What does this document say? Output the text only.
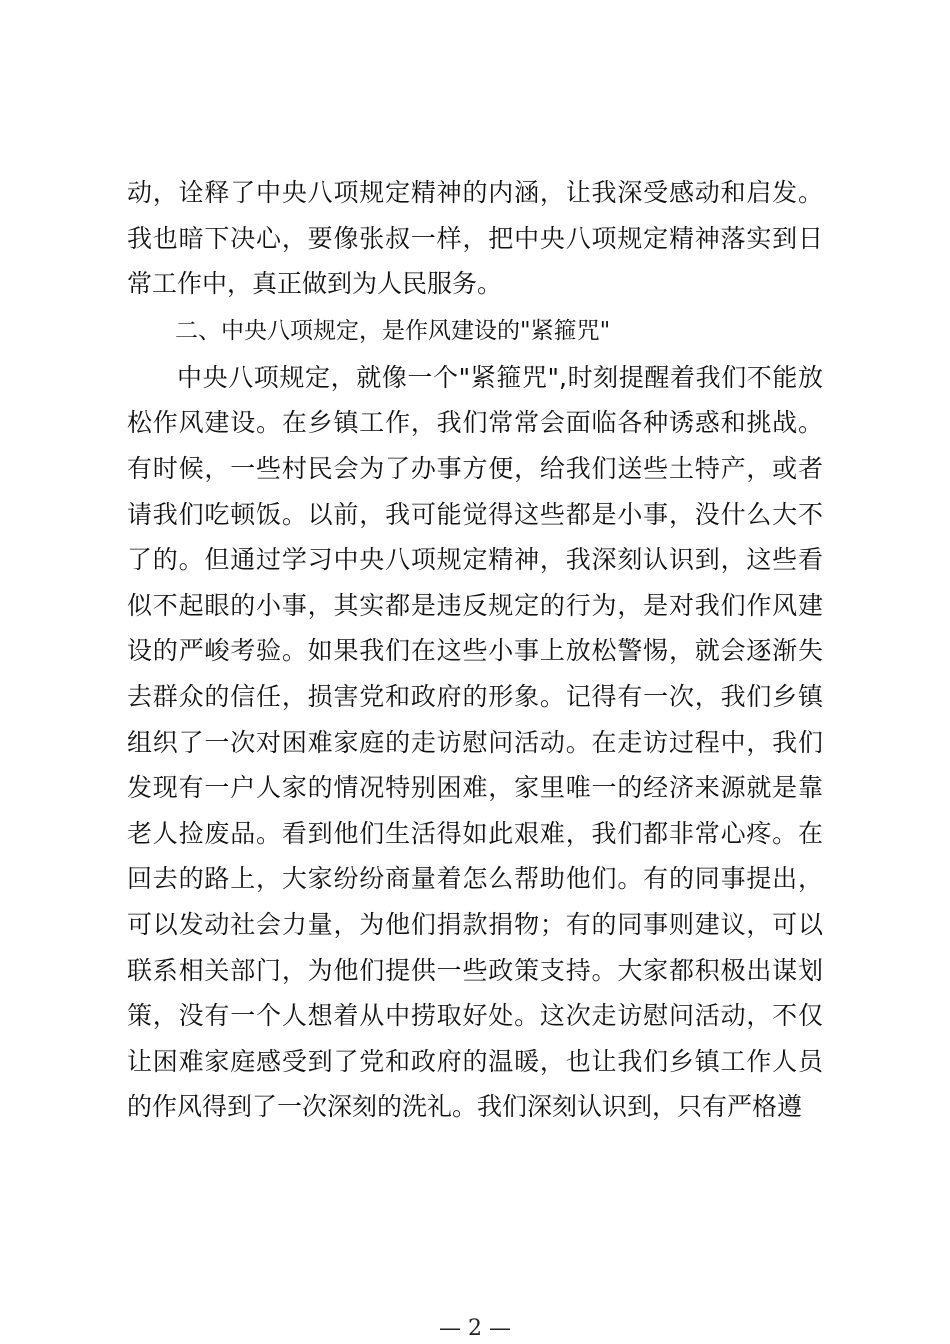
动，诠释了中央八项规定精神的内涵，让我深受感动和启发。我也暗下决心，要像张叔一样，把中央八项规定精神落实到日常工作中，真正做到为人民服务。

二、中央八项规定，是作风建设的"紧箍咒"

中央八项规定，就像一个"紧箍咒",时刻提醒着我们不能放松作风建设。在乡镇工作，我们常常会面临各种诱惑和挑战。有时候，一些村民会为了办事方便，给我们送些土特产，或者请我们吃顿饭。以前，我可能觉得这些都是小事，没什么大不了的。但通过学习中央八项规定精神，我深刻认识到，这些看似不起眼的小事，其实都是违反规定的行为，是对我们作风建设的严峻考验。如果我们在这些小事上放松警惕，就会逐渐失去群众的信任，损害党和政府的形象。记得有一次，我们乡镇组织了一次对困难家庭的走访慰问活动。在走访过程中，我们发现有一户人家的情况特别困难，家里唯一的经济来源就是靠老人捡废品。看到他们生活得如此艰难，我们都非常心疼。在回去的路上，大家纷纷商量着怎么帮助他们。有的同事提出，可以发动社会力量，为他们捐款捐物；有的同事则建议，可以联系相关部门，为他们提供一些政策支持。大家都积极出谋划策，没有一个人想着从中捞取好处。这次走访慰问活动，不仅让困难家庭感受到了党和政府的温暖，也让我们乡镇工作人员的作风得到了一次深刻的洗礼。我们深刻认识到，只有严格遵

— 2 —
